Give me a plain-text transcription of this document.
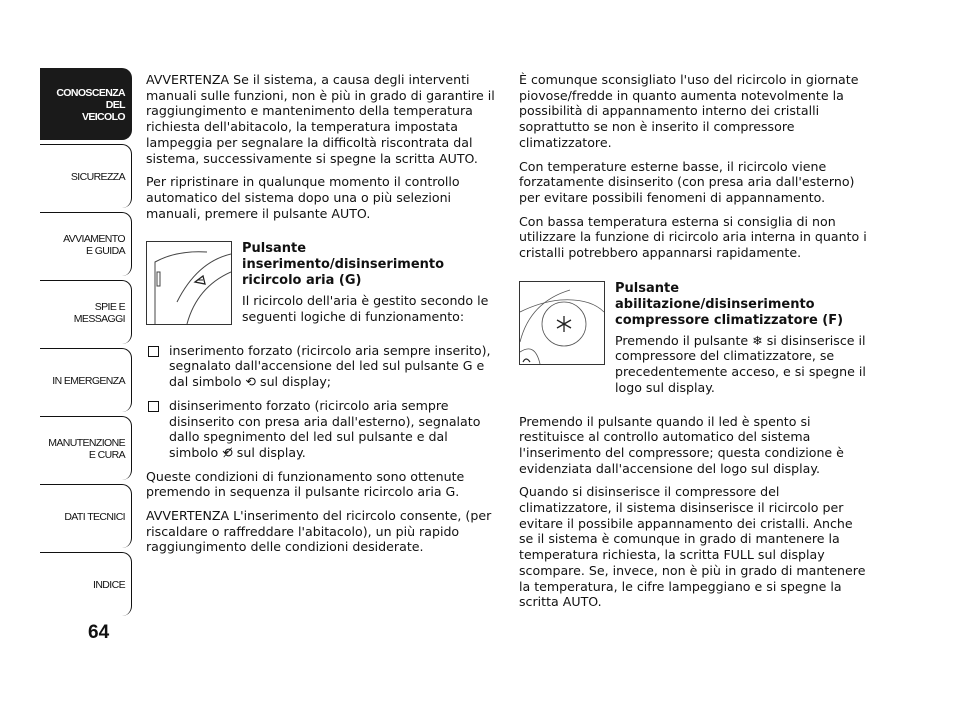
CONOSCENZA
DEL
VEICOLO
SICUREZZA
AVVIAMENTO
E GUIDA
SPIE E
MESSAGGI
IN EMERGENZA
MANUTENZIONE
E CURA
DATI TECNICI
INDICE
64

AVVERTENZA Se il sistema, a causa degli interventi manuali sulle funzioni, non è più in grado di garantire il raggiungimento e mantenimento della temperatura richiesta dell'abitacolo, la temperatura impostata lampeggia per segnalare la difficoltà riscontrata dal sistema, successivamente si spegne la scritta AUTO.

Per ripristinare in qualunque momento il controllo automatico del sistema dopo una o più selezioni manuali, premere il pulsante AUTO.

Pulsante inserimento/disinserimento ricircolo aria (G)

Il ricircolo dell'aria è gestito secondo le seguenti logiche di funzionamento:

inserimento forzato (ricircolo aria sempre inserito), segnalato dall'accensione del led sul pulsante G e dal simbolo ⟲ sul display;
disinserimento forzato (ricircolo aria sempre disinserito con presa aria dall'esterno), segnalato dallo spegnimento del led sul pulsante e dal simbolo ⟲̸ sul display.

Queste condizioni di funzionamento sono ottenute premendo in sequenza il pulsante ricircolo aria G.

AVVERTENZA L'inserimento del ricircolo consente, (per riscaldare o raffreddare l'abitacolo), un più rapido raggiungimento delle condizioni desiderate.

È comunque sconsigliato l'uso del ricircolo in giornate piovose/fredde in quanto aumenta notevolmente la possibilità di appannamento interno dei cristalli soprattutto se non è inserito il compressore climatizzatore.

Con temperature esterne basse, il ricircolo viene forzatamente disinserito (con presa aria dall'esterno) per evitare possibili fenomeni di appannamento.

Con bassa temperatura esterna si consiglia di non utilizzare la funzione di ricircolo aria interna in quanto i cristalli potrebbero appannarsi rapidamente.

Pulsante abilitazione/disinserimento compressore climatizzatore (F)

Premendo il pulsante ❄ si disinserisce il compressore del climatizzatore, se precedentemente acceso, e si spegne il logo sul display.

Premendo il pulsante quando il led è spento si restituisce al controllo automatico del sistema l'inserimento del compressore; questa condizione è evidenziata dall'accensione del logo sul display.

Quando si disinserisce il compressore del climatizzatore, il sistema disinserisce il ricircolo per evitare il possibile appannamento dei cristalli. Anche se il sistema è comunque in grado di mantenere la temperatura richiesta, la scritta FULL sul display scompare. Se, invece, non è più in grado di mantenere la temperatura, le cifre lampeggiano e si spegne la scritta AUTO.
